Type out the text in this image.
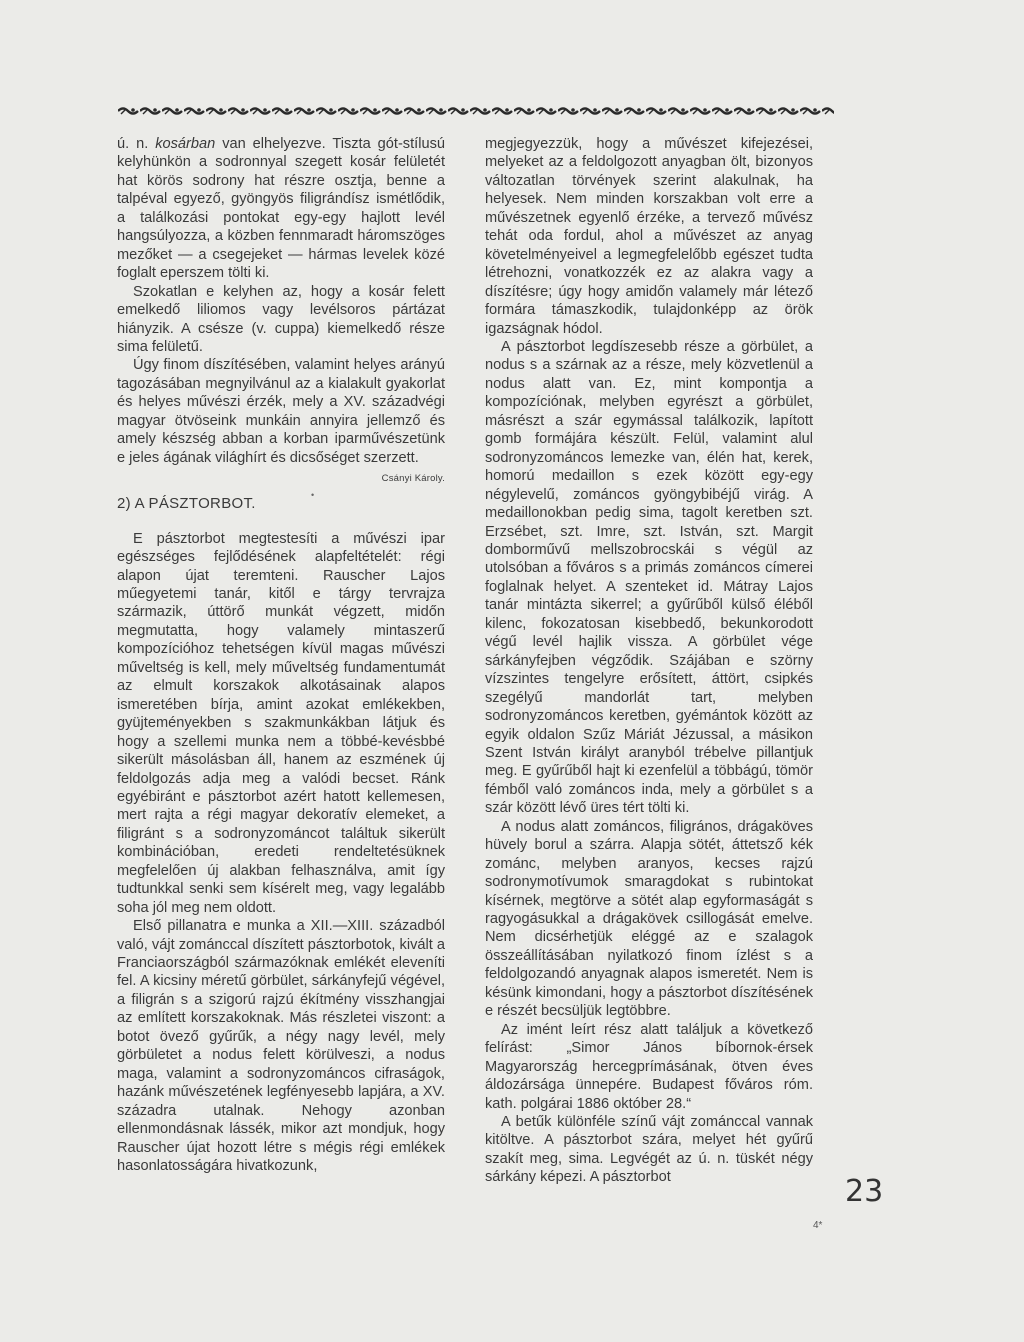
ú. n. kosárban van elhelyezve. Tiszta gót-stílusú kelyhünkön a sodronnyal szegett kosár felületét hat körös sodrony hat részre osztja, benne a talpéval egyező, gyöngyös filigrándísz ismétlődik, a találkozási pontokat egy-egy hajlott levél hangsúlyozza, a közben fennmaradt háromszöges mezőket — a csegejeket — hármas levelek közé foglalt eperszem tölti ki.

Szokatlan e kelyhen az, hogy a kosár felett emelkedő liliomos vagy levélsoros pártázat hiányzik. A csésze (v. cuppa) kiemelkedő része sima felületű.

Úgy finom díszítésében, valamint helyes arányú tagozásában megnyilvánul az a kialakult gyakorlat és helyes művészi érzék, mely a XV. századvégi magyar ötvöseink munkáin annyira jellemző és amely készség abban a korban iparművészetünk e jeles ágának világhírt és dicsőséget szerzett.
Csányi Károly.

2) A PÁSZTORBOT.

E pásztorbot megtestesíti a művészi ipar egészséges fejlődésének alapfeltételét: régi alapon újat teremteni. Rauscher Lajos műegyetemi tanár, kitől e tárgy tervrajza származik, úttörő munkát végzett, midőn megmutatta, hogy valamely mintaszerű kompozícióhoz tehetségen kívül magas művészi műveltség is kell, mely műveltség fundamentumát az elmult korszakok alkotásainak alapos ismeretében bírja, amint azokat emlékekben, gyüjteményekben s szakmunkákban látjuk és hogy a szellemi munka nem a többé-kevésbbé sikerült másolásban áll, hanem az eszmének új feldolgozás adja meg a valódi becset. Ránk egyébiránt e pásztorbot azért hatott kellemesen, mert rajta a régi magyar dekoratív elemeket, a filigránt s a sodronyzománcot találtuk sikerült kombinációban, eredeti rendeltetésüknek megfelelően új alakban felhasználva, amit így tudtunkkal senki sem kísérelt meg, vagy legalább soha jól meg nem oldott.

Első pillanatra e munka a XII.—XIII. századból való, vájt zománccal díszített pásztorbotok, kivált a Franciaországból származóknak emlékét eleveníti fel. A kicsiny méretű görbület, sárkányfejű végével, a filigrán s a szigorú rajzú ékítmény visszhangjai az említett korszakoknak. Más részletei viszont: a botot övező gyűrűk, a négy nagy levél, mely görbületet a nodus felett körülveszi, a nodus maga, valamint a sodronyzománcos cifraságok, hazánk művészetének legfényesebb lapjára, a XV. századra utalnak. Nehogy azonban ellenmondásnak lássék, mikor azt mondjuk, hogy Rauscher újat hozott létre s mégis régi emlékek hasonlatosságára hivatkozunk,

megjegyezzük, hogy a művészet kifejezései, melyeket az a feldolgozott anyagban ölt, bizonyos változatlan törvények szerint alakulnak, ha helyesek. Nem minden korszakban volt erre a művészetnek egyenlő érzéke, a tervező művész tehát oda fordul, ahol a művészet az anyag követelményeivel a legmegfelelőbb egészet tudta létrehozni, vonatkozzék ez az alakra vagy a díszítésre; úgy hogy amidőn valamely már létező formára támaszkodik, tulajdonképp az örök igazságnak hódol.

A pásztorbot legdíszesebb része a görbület, a nodus s a szárnak az a része, mely közvetlenül a nodus alatt van. Ez, mint kompontja a kompozíciónak, melyben egyrészt a görbület, másrészt a szár egymással találkozik, lapított gomb formájára készült. Felül, valamint alul sodronyzománcos lemezke van, élén hat, kerek, homorú medaillon s ezek között egy-egy négylevelű, zománcos gyöngybibéjű virág. A medaillonokban pedig sima, tagolt keretben szt. Erzsébet, szt. Imre, szt. István, szt. Margit domborművű mellszobrocskái s végül az utolsóban a főváros s a primás zománcos címerei foglalnak helyet. A szenteket id. Mátray Lajos tanár mintázta sikerrel; a gyűrűből külső éléből kilenc, fokozatosan kisebbedő, bekunkorodott végű levél hajlik vissza. A görbület vége sárkányfejben végződik. Szájában e szörny vízszintes tengelyre erősített, áttört, csipkés szegélyű mandorlát tart, melyben sodronyzománcos keretben, gyémántok között az egyik oldalon Szűz Máriát Jézussal, a másikon Szent István királyt aranyból trébelve pillantjuk meg. E gyűrűből hajt ki ezenfelül a többágú, tömör fémből való zománcos inda, mely a görbület s a szár között lévő üres tért tölti ki.

A nodus alatt zománcos, filigrános, drágaköves hüvely borul a szárra. Alapja sötét, áttetsző kék zománc, melyben aranyos, kecses rajzú sodronymotívumok smaragdokat s rubintokat kísérnek, megtörve a sötét alap egyformaságát s ragyogásukkal a drágakövek csillogását emelve. Nem dicsérhetjük eléggé az e szalagok összeállításában nyilatkozó finom ízlést s a feldolgozandó anyagnak alapos ismeretét. Nem is késünk kimondani, hogy a pásztorbot díszítésének e részét becsüljük legtöbbre.

Az imént leírt rész alatt találjuk a következő felírást: „Simor János bíbornok-érsek Magyarország hercegprímásának, ötven éves áldozársága ünnepére. Budapest főváros róm. kath. polgárai 1886 október 28.“

A betűk különféle színű vájt zománccal vannak kitöltve. A pásztorbot szára, melyet hét gyűrű szakít meg, sima. Legvégét az ú. n. tüskét négy sárkány képezi. A pásztorbot

•
23
4*
